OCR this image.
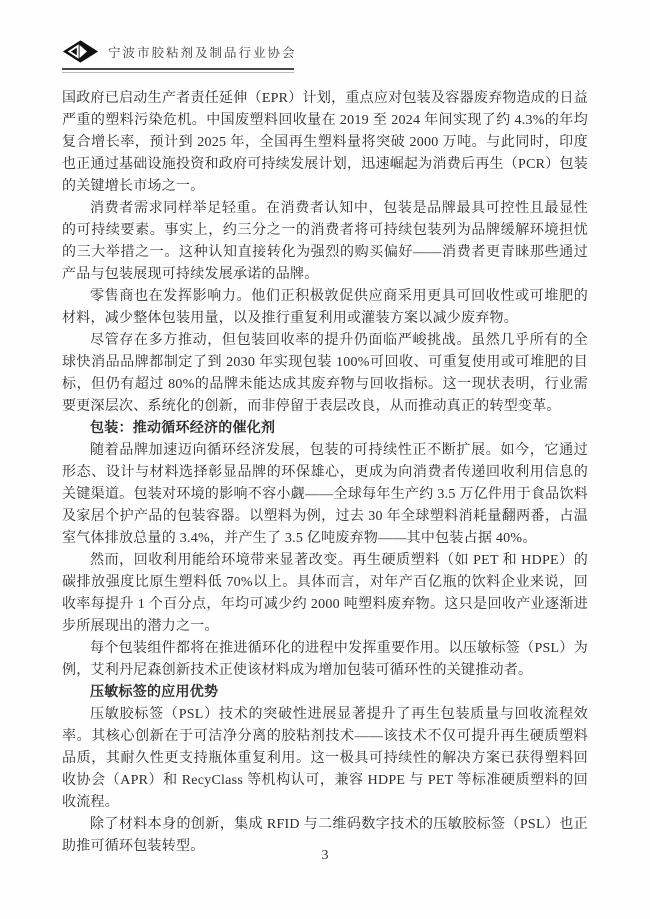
宁波市胶粘剂及制品行业协会

国政府已启动生产者责任延伸（EPR）计划，重点应对包装及容器废弃物造成的日益严重的塑料污染危机。中国废塑料回收量在 2019 至 2024 年间实现了约 4.3%的年均复合增长率，预计到 2025 年，全国再生塑料量将突破 2000 万吨。与此同时，印度也正通过基础设施投资和政府可持续发展计划，迅速崛起为消费后再生（PCR）包装的关键增长市场之一。

消费者需求同样举足轻重。在消费者认知中，包装是品牌最具可控性且最显性的可持续要素。事实上，约三分之一的消费者将可持续包装列为品牌缓解环境担忧的三大举措之一。这种认知直接转化为强烈的购买偏好——消费者更青睐那些通过产品与包装展现可持续发展承诺的品牌。

零售商也在发挥影响力。他们正积极敦促供应商采用更具可回收性或可堆肥的材料，减少整体包装用量，以及推行重复利用或灌装方案以减少废弃物。

尽管存在多方推动，但包装回收率的提升仍面临严峻挑战。虽然几乎所有的全球快消品品牌都制定了到 2030 年实现包装 100%可回收、可重复使用或可堆肥的目标，但仍有超过 80%的品牌未能达成其废弃物与回收指标。这一现状表明，行业需要更深层次、系统化的创新，而非停留于表层改良，从而推动真正的转型变革。

包装：推动循环经济的催化剂

随着品牌加速迈向循环经济发展，包装的可持续性正不断扩展。如今，它通过形态、设计与材料选择彰显品牌的环保雄心，更成为向消费者传递回收利用信息的关键渠道。包装对环境的影响不容小觑——全球每年生产约 3.5 万亿件用于食品饮料及家居个护产品的包装容器。以塑料为例，过去 30 年全球塑料消耗量翻两番，占温室气体排放总量的 3.4%，并产生了 3.5 亿吨废弃物——其中包装占据 40%。

然而，回收利用能给环境带来显著改变。再生硬质塑料（如 PET 和 HDPE）的碳排放强度比原生塑料低 70%以上。具体而言，对年产百亿瓶的饮料企业来说，回收率每提升 1 个百分点，年均可减少约 2000 吨塑料废弃物。这只是回收产业逐渐进步所展现出的潜力之一。

每个包装组件都将在推进循环化的进程中发挥重要作用。以压敏标签（PSL）为例，艾利丹尼森创新技术正使该材料成为增加包装可循环性的关键推动者。

压敏标签的应用优势

压敏胶标签（PSL）技术的突破性进展显著提升了再生包装质量与回收流程效率。其核心创新在于可洁净分离的胶粘剂技术——该技术不仅可提升再生硬质塑料品质，其耐久性更支持瓶体重复利用。这一极具可持续性的解决方案已获得塑料回收协会（APR）和 RecyClass 等机构认可，兼容 HDPE 与 PET 等标准硬质塑料的回收流程。

除了材料本身的创新，集成 RFID 与二维码数字技术的压敏胶标签（PSL）也正助推可循环包装转型。

3
